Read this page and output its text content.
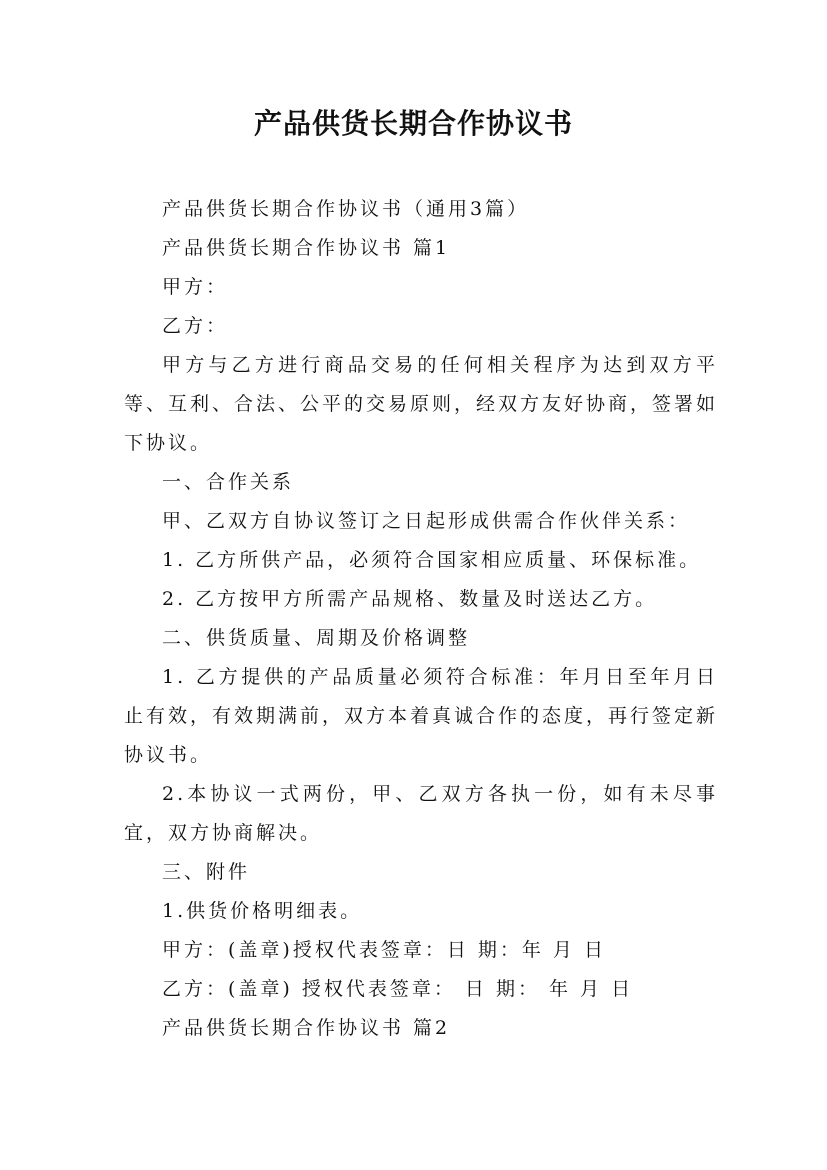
产品供货长期合作协议书

产品供货长期合作协议书（通用3篇）

产品供货长期合作协议书 篇1

甲方：

乙方：

甲方与乙方进行商品交易的任何相关程序为达到双方平等、互利、合法、公平的交易原则，经双方友好协商，签署如下协议。

一、合作关系

甲、乙双方自协议签订之日起形成供需合作伙伴关系：

1. 乙方所供产品，必须符合国家相应质量、环保标准。

2. 乙方按甲方所需产品规格、数量及时送达乙方。

二、供货质量、周期及价格调整

1. 乙方提供的产品质量必须符合标准：年月日至年月日止有效，有效期满前，双方本着真诚合作的态度，再行签定新协议书。

2.本协议一式两份，甲、乙双方各执一份，如有未尽事宜，双方协商解决。

三、附件

1.供货价格明细表。

甲方：(盖章)授权代表签章：日 期：年 月 日

乙方：(盖章) 授权代表签章： 日 期： 年 月 日

产品供货长期合作协议书 篇2
